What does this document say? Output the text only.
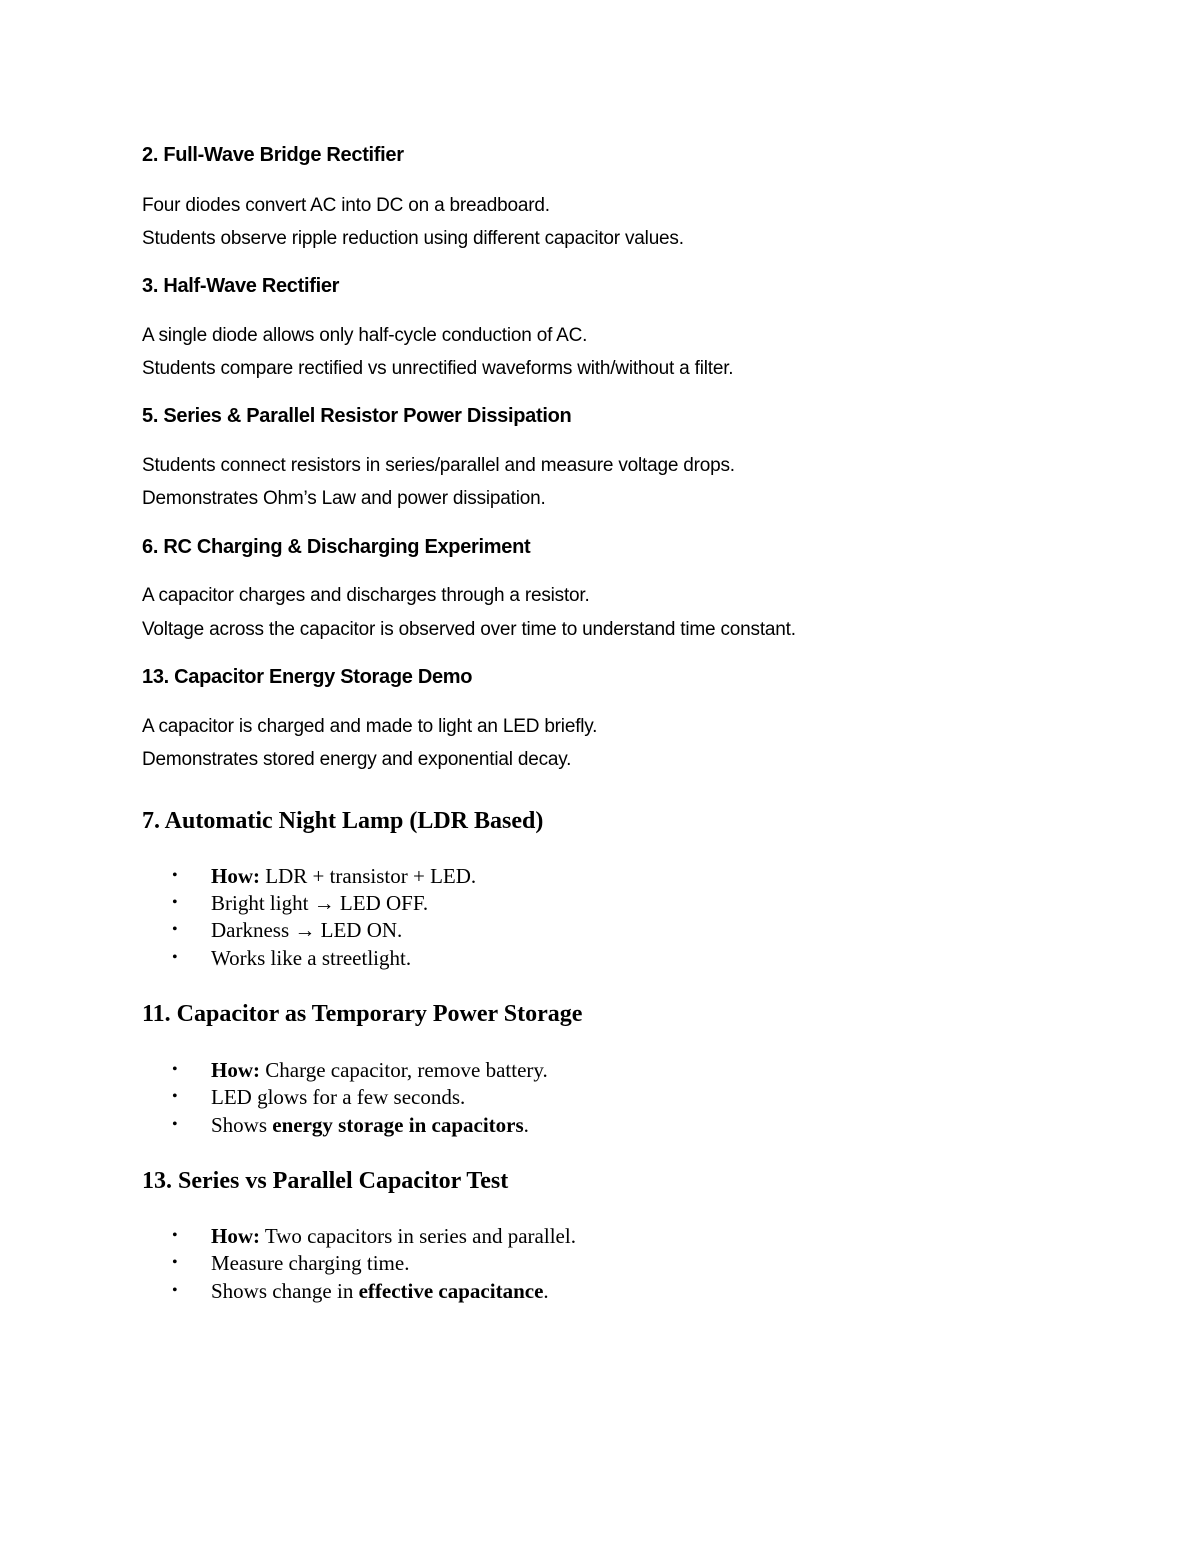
2. Full-Wave Bridge Rectifier
Four diodes convert AC into DC on a breadboard.
Students observe ripple reduction using different capacitor values.
3. Half-Wave Rectifier
A single diode allows only half-cycle conduction of AC.
Students compare rectified vs unrectified waveforms with/without a filter.
5. Series & Parallel Resistor Power Dissipation
Students connect resistors in series/parallel and measure voltage drops.
Demonstrates Ohm’s Law and power dissipation.
6. RC Charging & Discharging Experiment
A capacitor charges and discharges through a resistor.
Voltage across the capacitor is observed over time to understand time constant.
13. Capacitor Energy Storage Demo
A capacitor is charged and made to light an LED briefly.
Demonstrates stored energy and exponential decay.
7. Automatic Night Lamp (LDR Based)
• How: LDR + transistor + LED.
• Bright light → LED OFF.
• Darkness → LED ON.
• Works like a streetlight.
11. Capacitor as Temporary Power Storage
• How: Charge capacitor, remove battery.
• LED glows for a few seconds.
• Shows energy storage in capacitors.
13. Series vs Parallel Capacitor Test
• How: Two capacitors in series and parallel.
• Measure charging time.
• Shows change in effective capacitance.
